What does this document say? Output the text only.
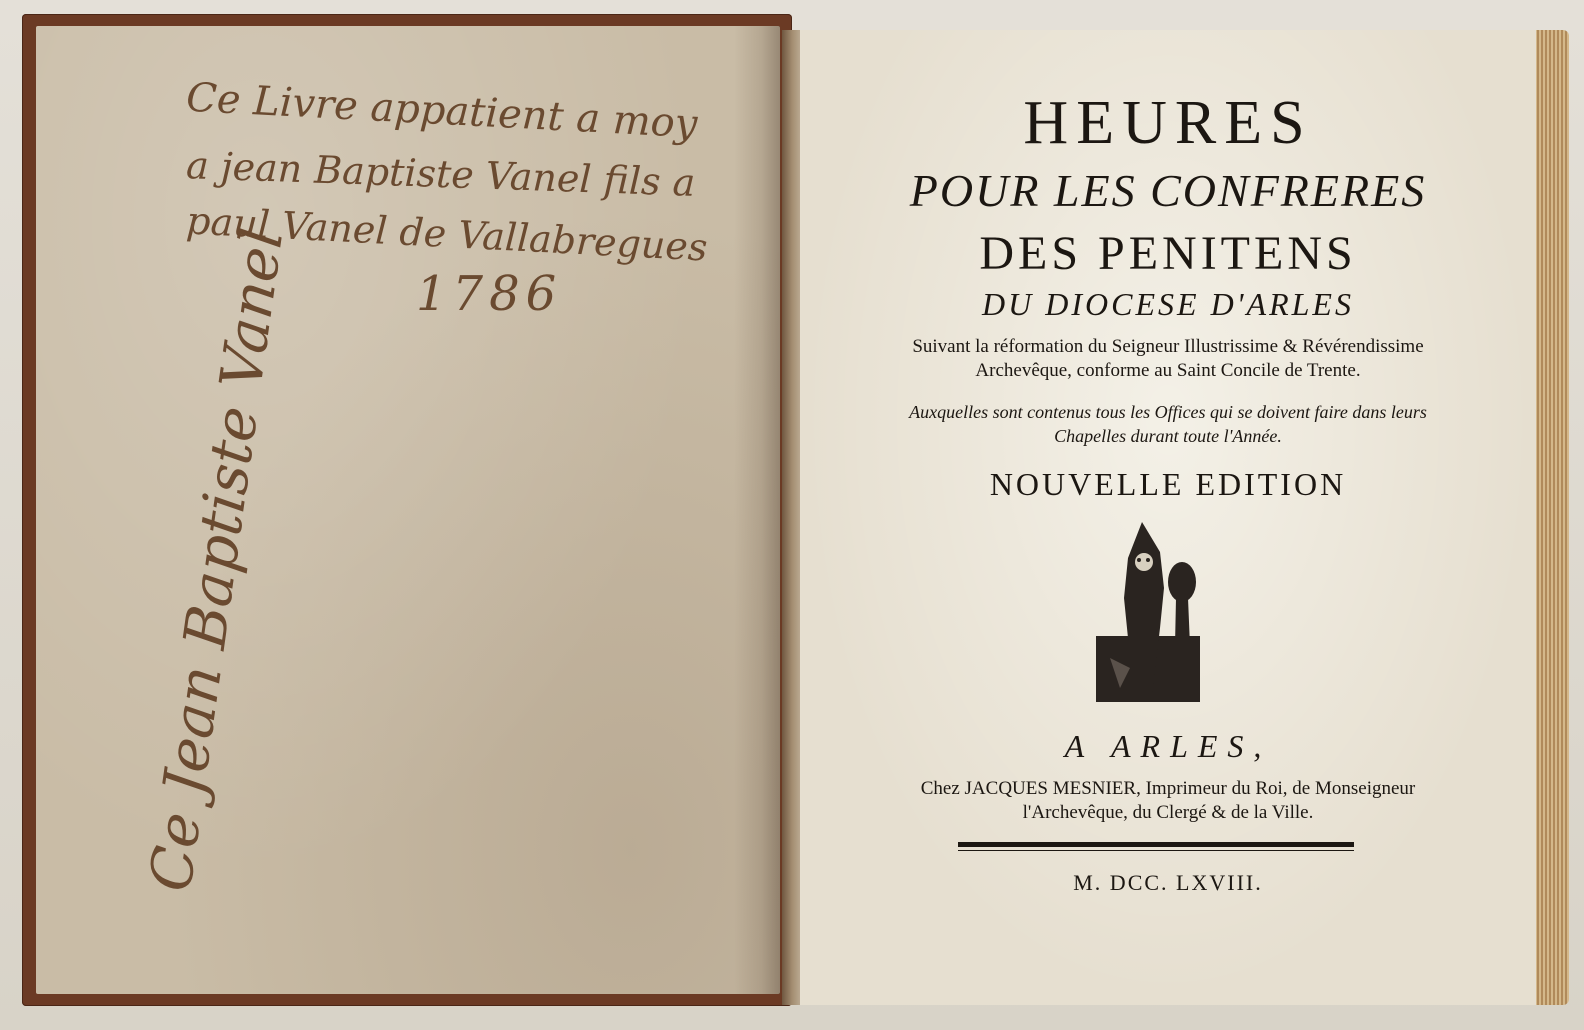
Ce Livre appatient a moy
a jean Baptiste Vanel fils a
paul Vanel de Vallabregues
1786
Ce Jean Baptiste Vanel
HEURES
POUR LES CONFRERES
DES PENITENS
DU DIOCESE D'ARLES
Suivant la réformation du Seigneur Illustrissime & Révérendissime
Archevêque, conforme au Saint Concile de Trente.
Auxquelles sont contenus tous les Offices qui se doivent faire dans leurs
Chapelles durant toute l'Année.
NOUVELLE EDITION
A ARLES,
Chez JACQUES MESNIER, Imprimeur du Roi, de Monseigneur
l'Archevêque, du Clergé & de la Ville.
M. DCC. LXVIII.
